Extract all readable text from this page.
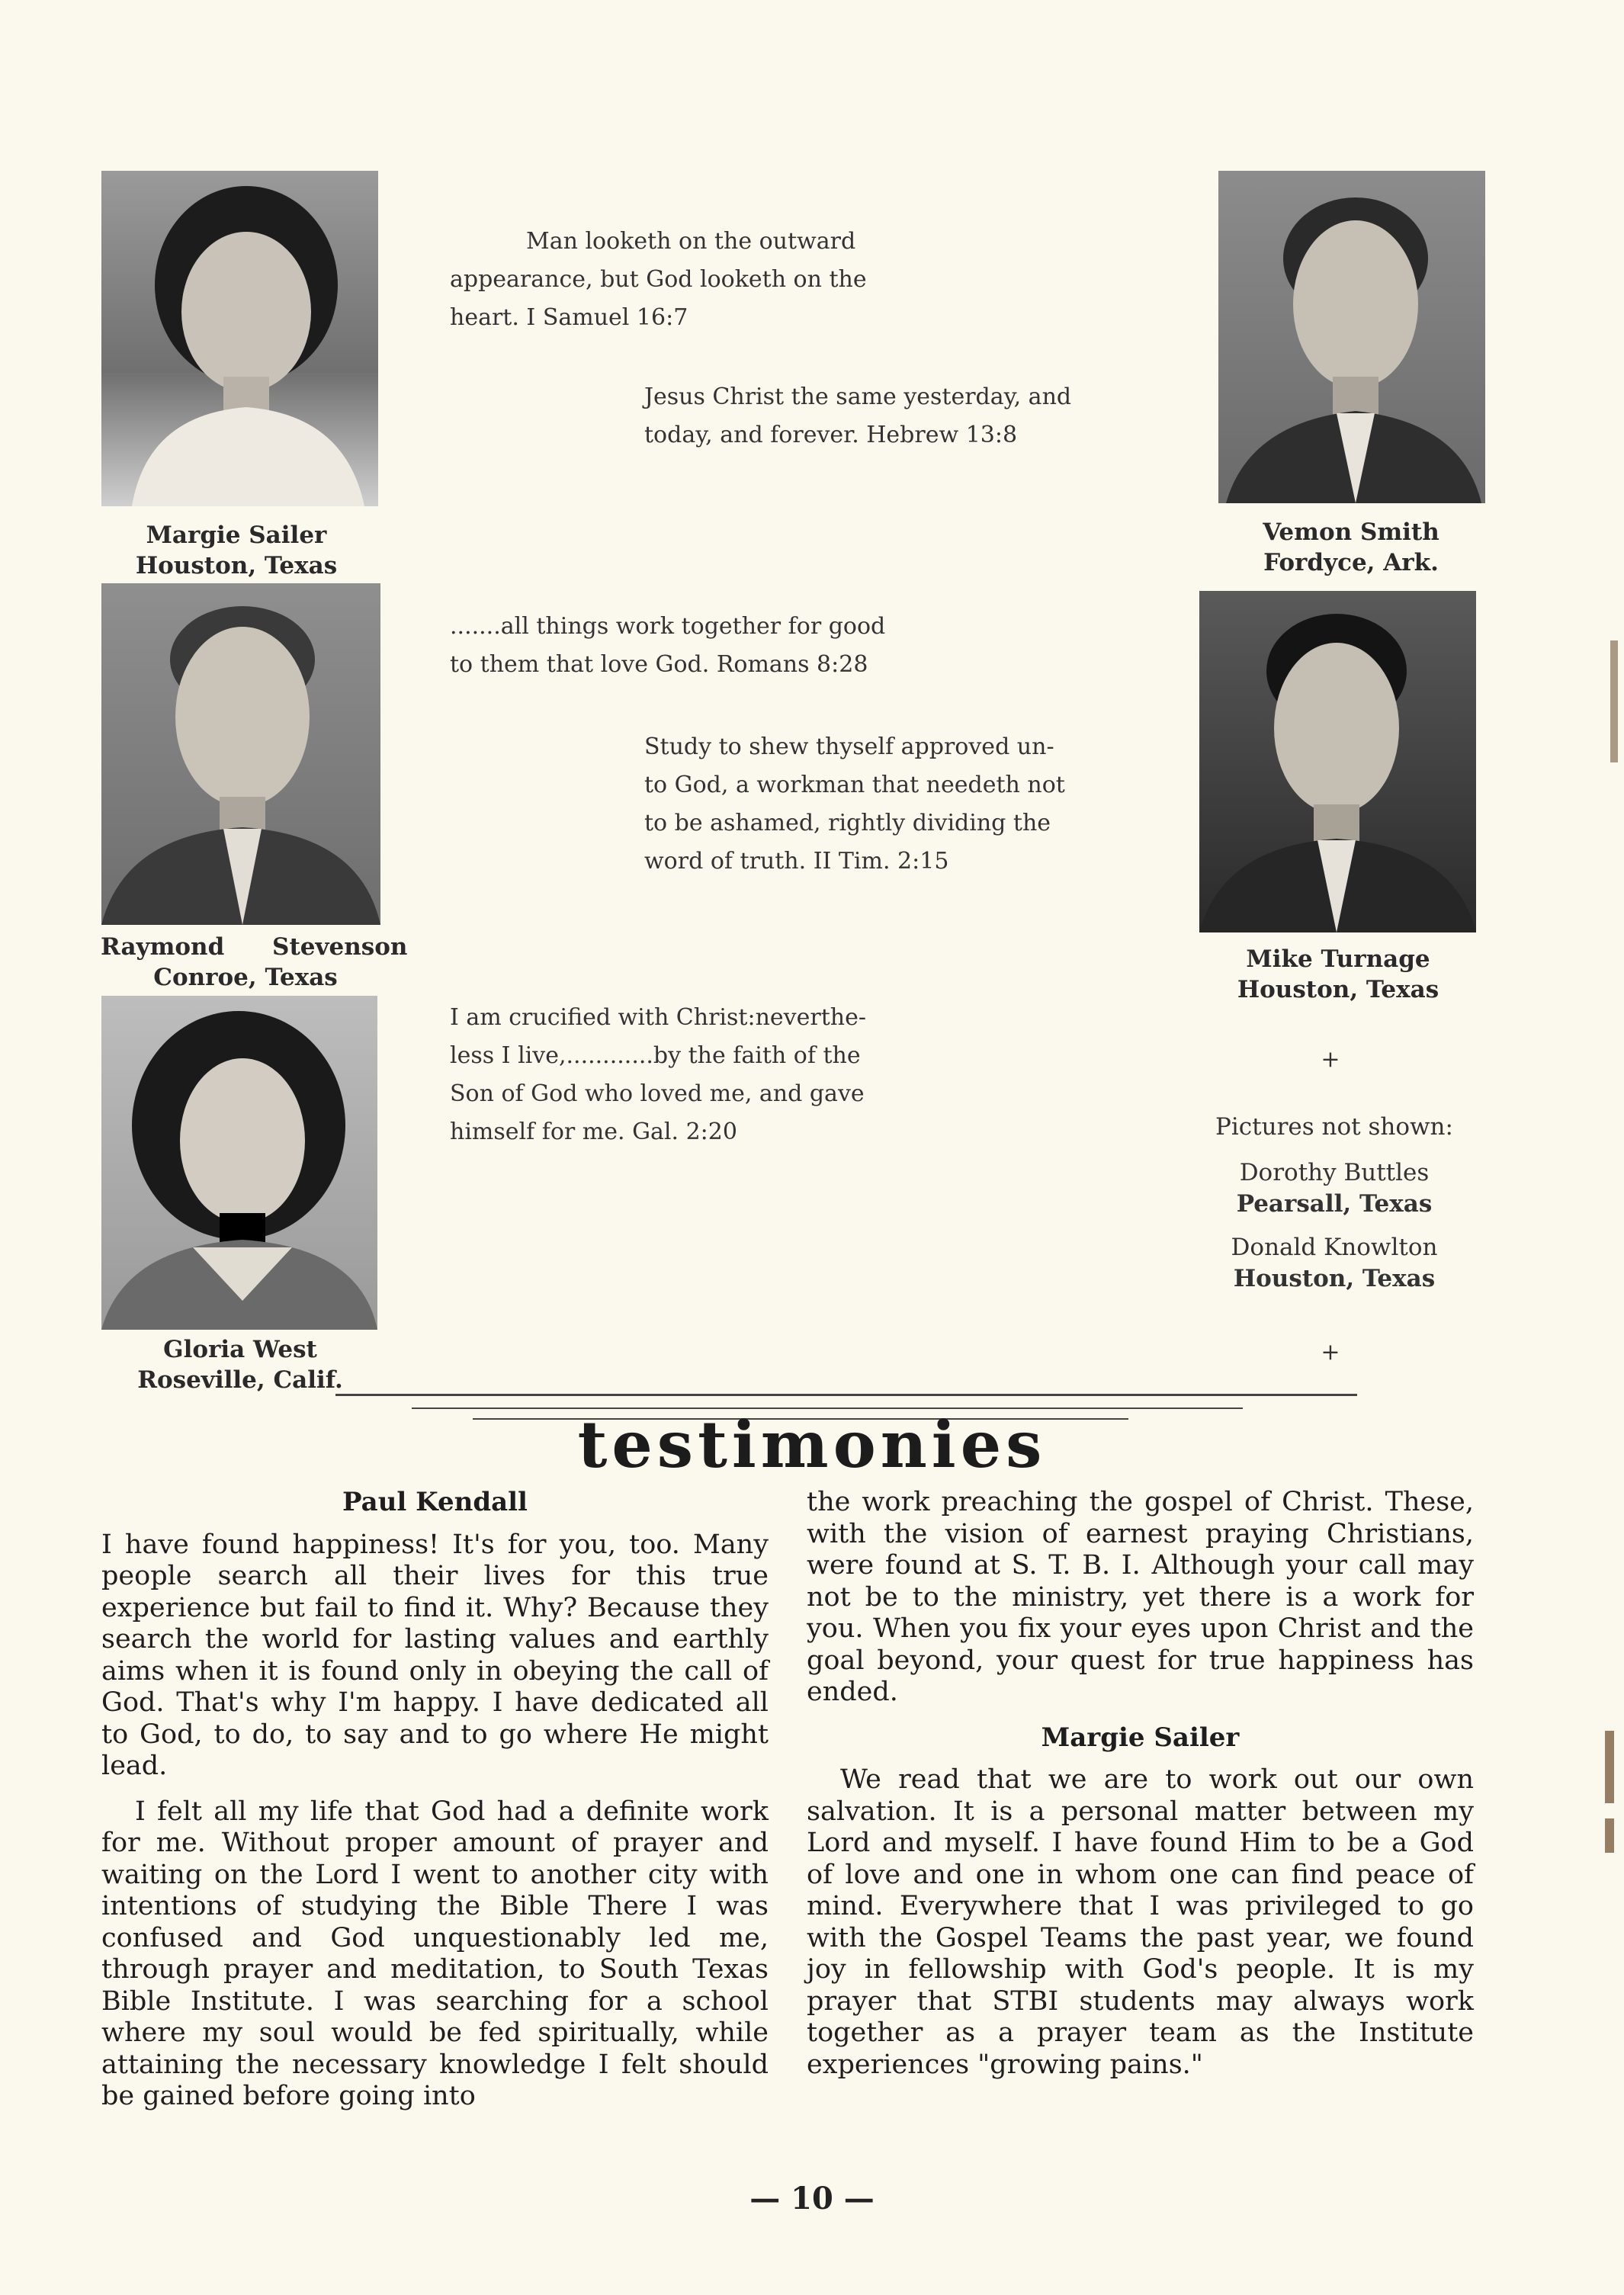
Margie Sailer
Houston, Texas
Vemon Smith
Fordyce, Ark.
Raymond Stevenson
Conroe, Texas
Mike Turnage
Houston, Texas
Gloria West
Roseville, Calif.
Man looketh on the outward
appearance, but God looketh on the
heart. I Samuel 16:7
Jesus Christ the same yesterday, and
today, and forever. Hebrew 13:8
.......all things work together for good
to them that love God. Romans 8:28
Study to shew thyself approved un-
to God, a workman that needeth not
to be ashamed, rightly dividing the
word of truth. II Tim. 2:15
I am crucified with Christ:neverthe-
less I live,............by the faith of the
Son of God who loved me, and gave
himself for me. Gal. 2:20
+
Pictures not shown:
Dorothy Buttles
Pearsall, Texas
Donald Knowlton
Houston, Texas
+
testimonies
Paul Kendall

I have found happiness! It's for you, too. Many people search all their lives for this true experience but fail to find it. Why? Because they search the world for lasting values and earthly aims when it is found only in obeying the call of God. That's why I'm happy. I have dedicated all to God, to do, to say and to go where He might lead.

I felt all my life that God had a definite work for me. Without proper amount of prayer and waiting on the Lord I went to another city with intentions of studying the Bible There I was confused and God unquestionably led me, through prayer and meditation, to South Texas Bible Institute. I was searching for a school where my soul would be fed spiritually, while attaining the necessary knowledge I felt should be gained before going into

the work preaching the gospel of Christ. These, with the vision of earnest praying Christians, were found at S. T. B. I. Although your call may not be to the ministry, yet there is a work for you. When you fix your eyes upon Christ and the goal beyond, your quest for true happiness has ended.

Margie Sailer

We read that we are to work out our own salvation. It is a personal matter between my Lord and myself. I have found Him to be a God of love and one in whom one can find peace of mind. Everywhere that I was privileged to go with the Gospel Teams the past year, we found joy in fellowship with God's people. It is my prayer that STBI students may always work together as a prayer team as the Institute experiences "growing pains."

— 10 —
